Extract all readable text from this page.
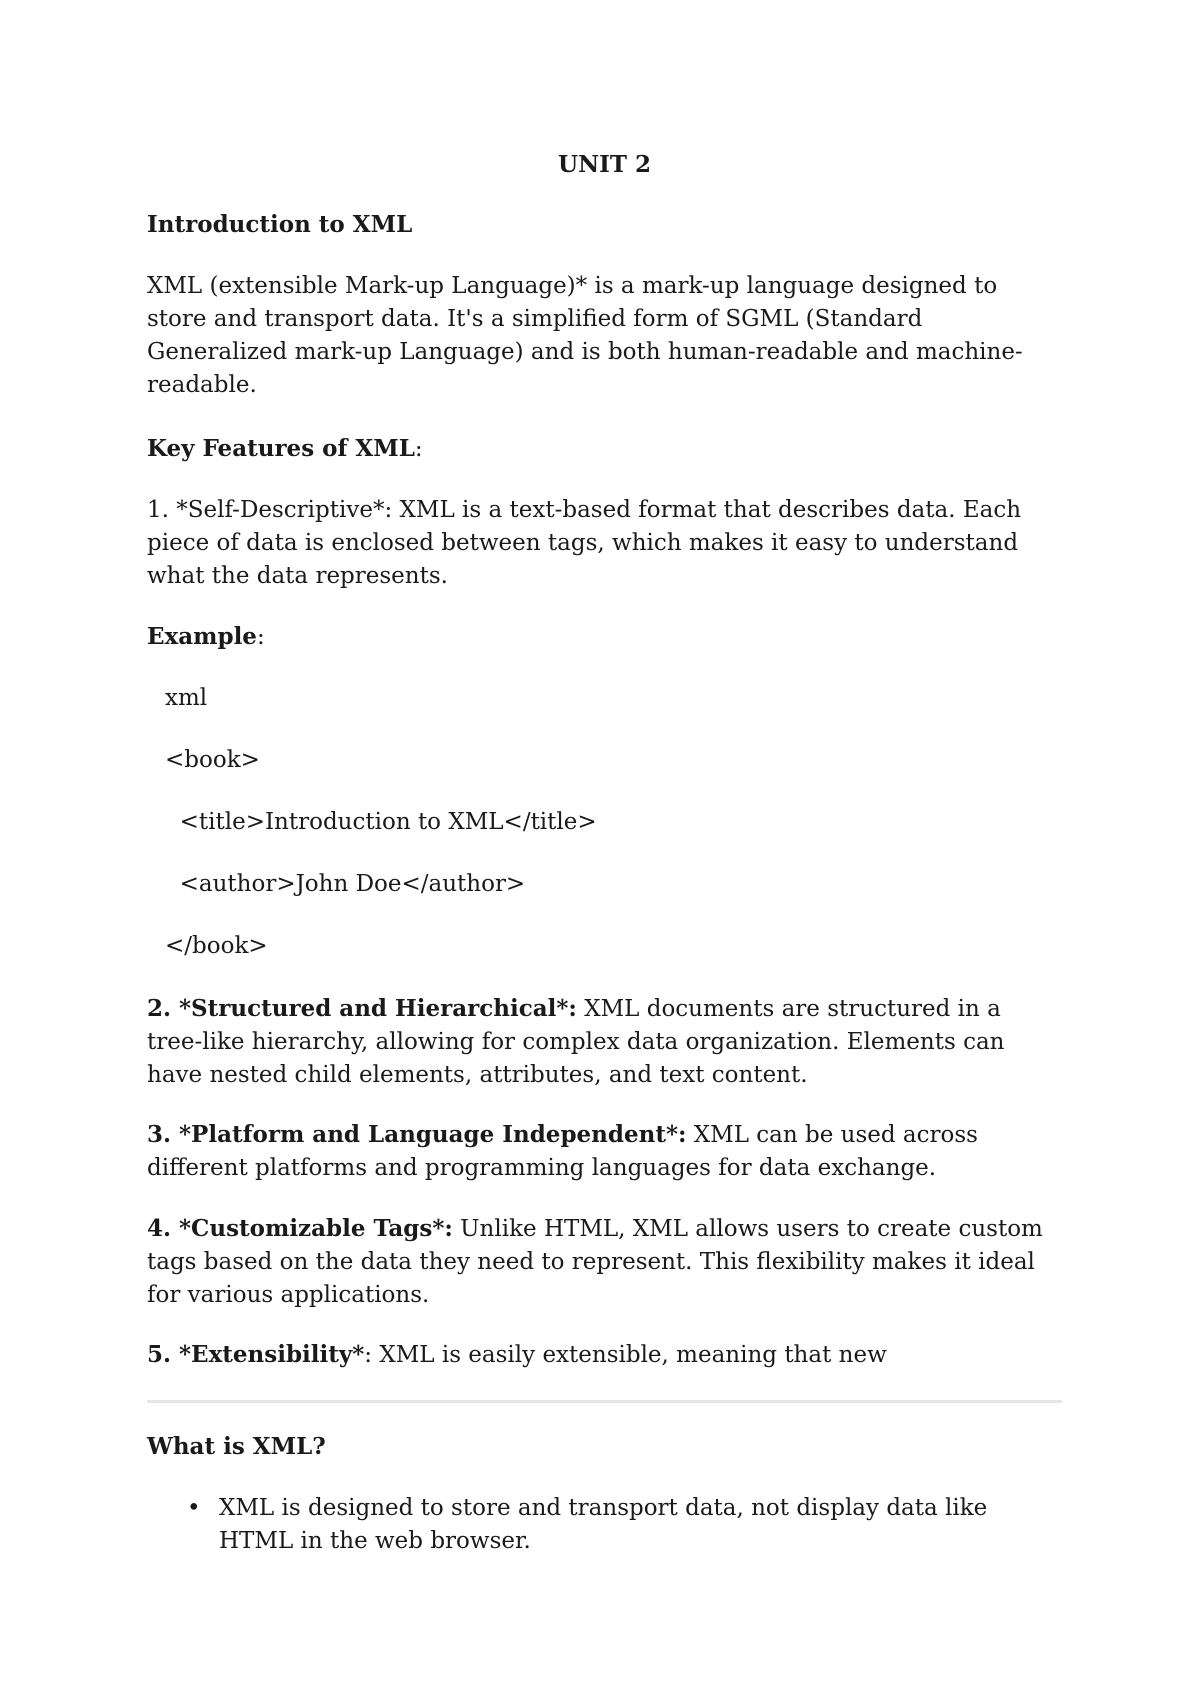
UNIT 2
Introduction to XML
XML (extensible Mark-up Language)* is a mark-up language designed to store and transport data. It's a simplified form of SGML (Standard Generalized mark-up Language) and is both human-readable and machine-readable.
Key Features of XML:
1. *Self-Descriptive*: XML is a text-based format that describes data. Each piece of data is enclosed between tags, which makes it easy to understand what the data represents.
Example:
xml
<book>
<title>Introduction to XML</title>
<author>John Doe</author>
</book>
2. *Structured and Hierarchical*: XML documents are structured in a tree-like hierarchy, allowing for complex data organization. Elements can have nested child elements, attributes, and text content.
3. *Platform and Language Independent*: XML can be used across different platforms and programming languages for data exchange.
4. *Customizable Tags*: Unlike HTML, XML allows users to create custom tags based on the data they need to represent. This flexibility makes it ideal for various applications.
5. *Extensibility*: XML is easily extensible, meaning that new
What is XML?
• XML is designed to store and transport data, not display data like HTML in the web browser.
